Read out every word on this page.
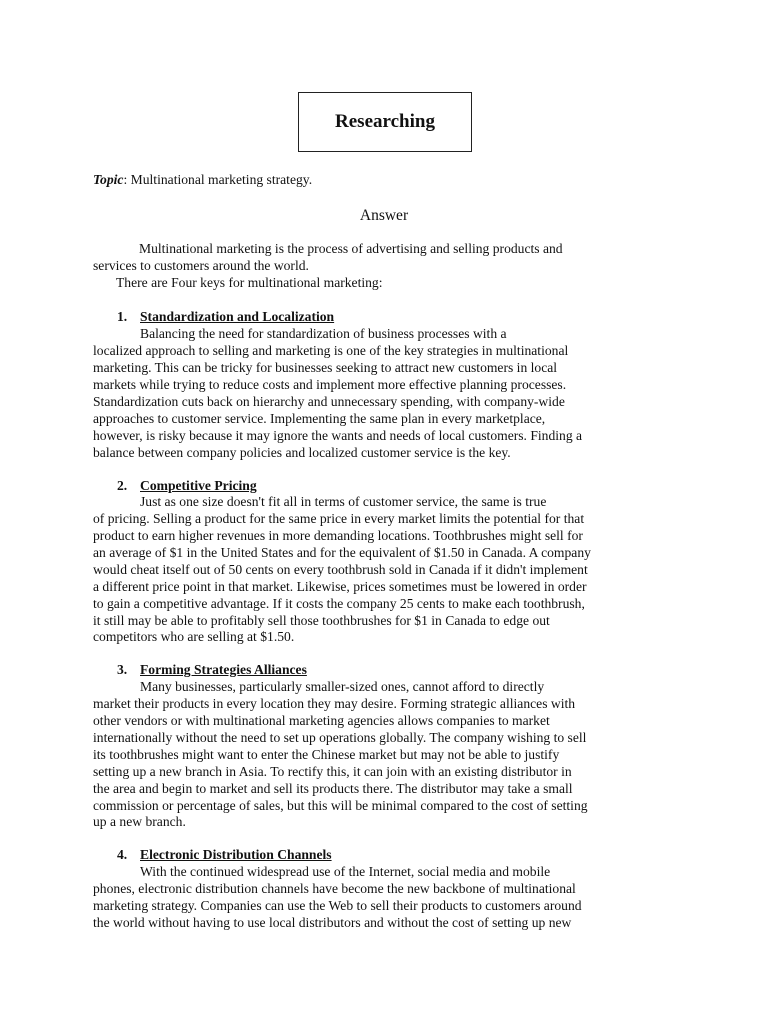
Researching
Topic: Multinational marketing strategy.
Answer
Multinational marketing is the process of advertising and selling products and
services to customers around the world.
There are Four keys for multinational marketing:
1. Standardization and Localization
Balancing the need for standardization of business processes with a
localized approach to selling and marketing is one of the key strategies in multinational
marketing. This can be tricky for businesses seeking to attract new customers in local
markets while trying to reduce costs and implement more effective planning processes.
Standardization cuts back on hierarchy and unnecessary spending, with company-wide
approaches to customer service. Implementing the same plan in every marketplace,
however, is risky because it may ignore the wants and needs of local customers. Finding a
balance between company policies and localized customer service is the key.
2. Competitive Pricing
Just as one size doesn't fit all in terms of customer service, the same is true
of pricing. Selling a product for the same price in every market limits the potential for that
product to earn higher revenues in more demanding locations. Toothbrushes might sell for
an average of $1 in the United States and for the equivalent of $1.50 in Canada. A company
would cheat itself out of 50 cents on every toothbrush sold in Canada if it didn't implement
a different price point in that market. Likewise, prices sometimes must be lowered in order
to gain a competitive advantage. If it costs the company 25 cents to make each toothbrush,
it still may be able to profitably sell those toothbrushes for $1 in Canada to edge out
competitors who are selling at $1.50.
3. Forming Strategies Alliances
Many businesses, particularly smaller-sized ones, cannot afford to directly
market their products in every location they may desire. Forming strategic alliances with
other vendors or with multinational marketing agencies allows companies to market
internationally without the need to set up operations globally. The company wishing to sell
its toothbrushes might want to enter the Chinese market but may not be able to justify
setting up a new branch in Asia. To rectify this, it can join with an existing distributor in
the area and begin to market and sell its products there. The distributor may take a small
commission or percentage of sales, but this will be minimal compared to the cost of setting
up a new branch.
4. Electronic Distribution Channels
With the continued widespread use of the Internet, social media and mobile
phones, electronic distribution channels have become the new backbone of multinational
marketing strategy. Companies can use the Web to sell their products to customers around
the world without having to use local distributors and without the cost of setting up new
